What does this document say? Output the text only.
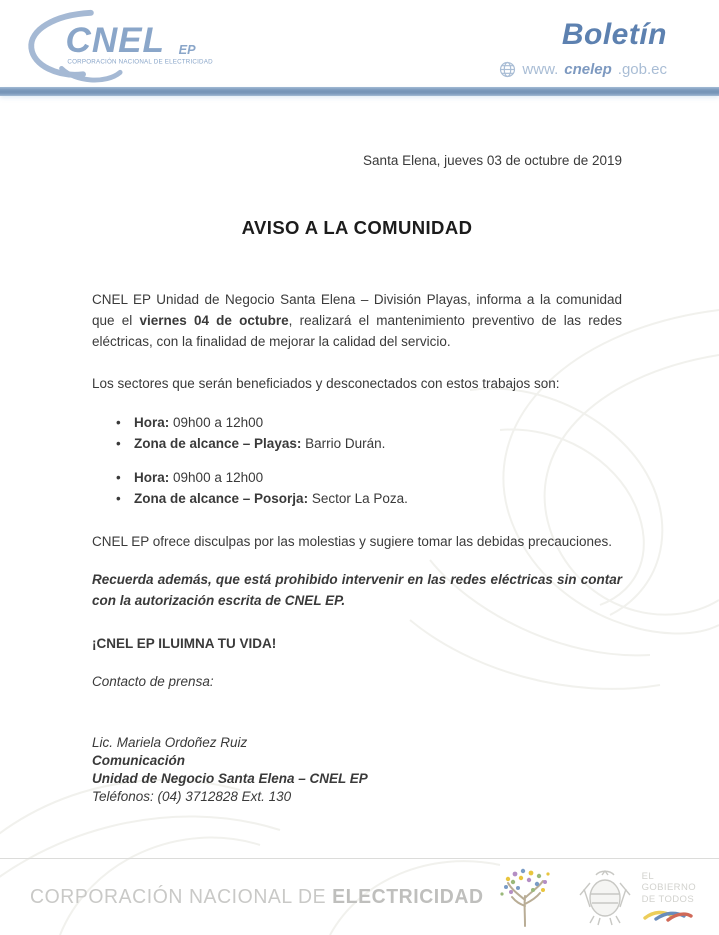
CNEL EP
CORPORACIÓN NACIONAL DE ELECTRICIDAD
Boletín
www. cnelep .gob.ec

Santa Elena, jueves 03 de octubre de 2019

AVISO A LA COMUNIDAD

CNEL EP Unidad de Negocio Santa Elena – División Playas, informa a la comunidad que el viernes 04 de octubre, realizará el mantenimiento preventivo de las redes eléctricas, con la finalidad de mejorar la calidad del servicio.

Los sectores que serán beneficiados y desconectados con estos trabajos son:

• Hora: 09h00 a 12h00
• Zona de alcance – Playas: Barrio Durán.
• Hora: 09h00 a 12h00
• Zona de alcance – Posorja: Sector La Poza.

CNEL EP ofrece disculpas por las molestias y sugiere tomar las debidas precauciones.

Recuerda además, que está prohibido intervenir en las redes eléctricas sin contar con la autorización escrita de CNEL EP.

¡CNEL EP ILUIMNA TU VIDA!

Contacto de prensa:

Lic. Mariela Ordoñez Ruiz
Comunicación
Unidad de Negocio Santa Elena – CNEL EP
Teléfonos: (04) 3712828 Ext. 130
CORPORACIÓN NACIONAL DE ELECTRICIDAD
EL GOBIERNO DE TODOS
